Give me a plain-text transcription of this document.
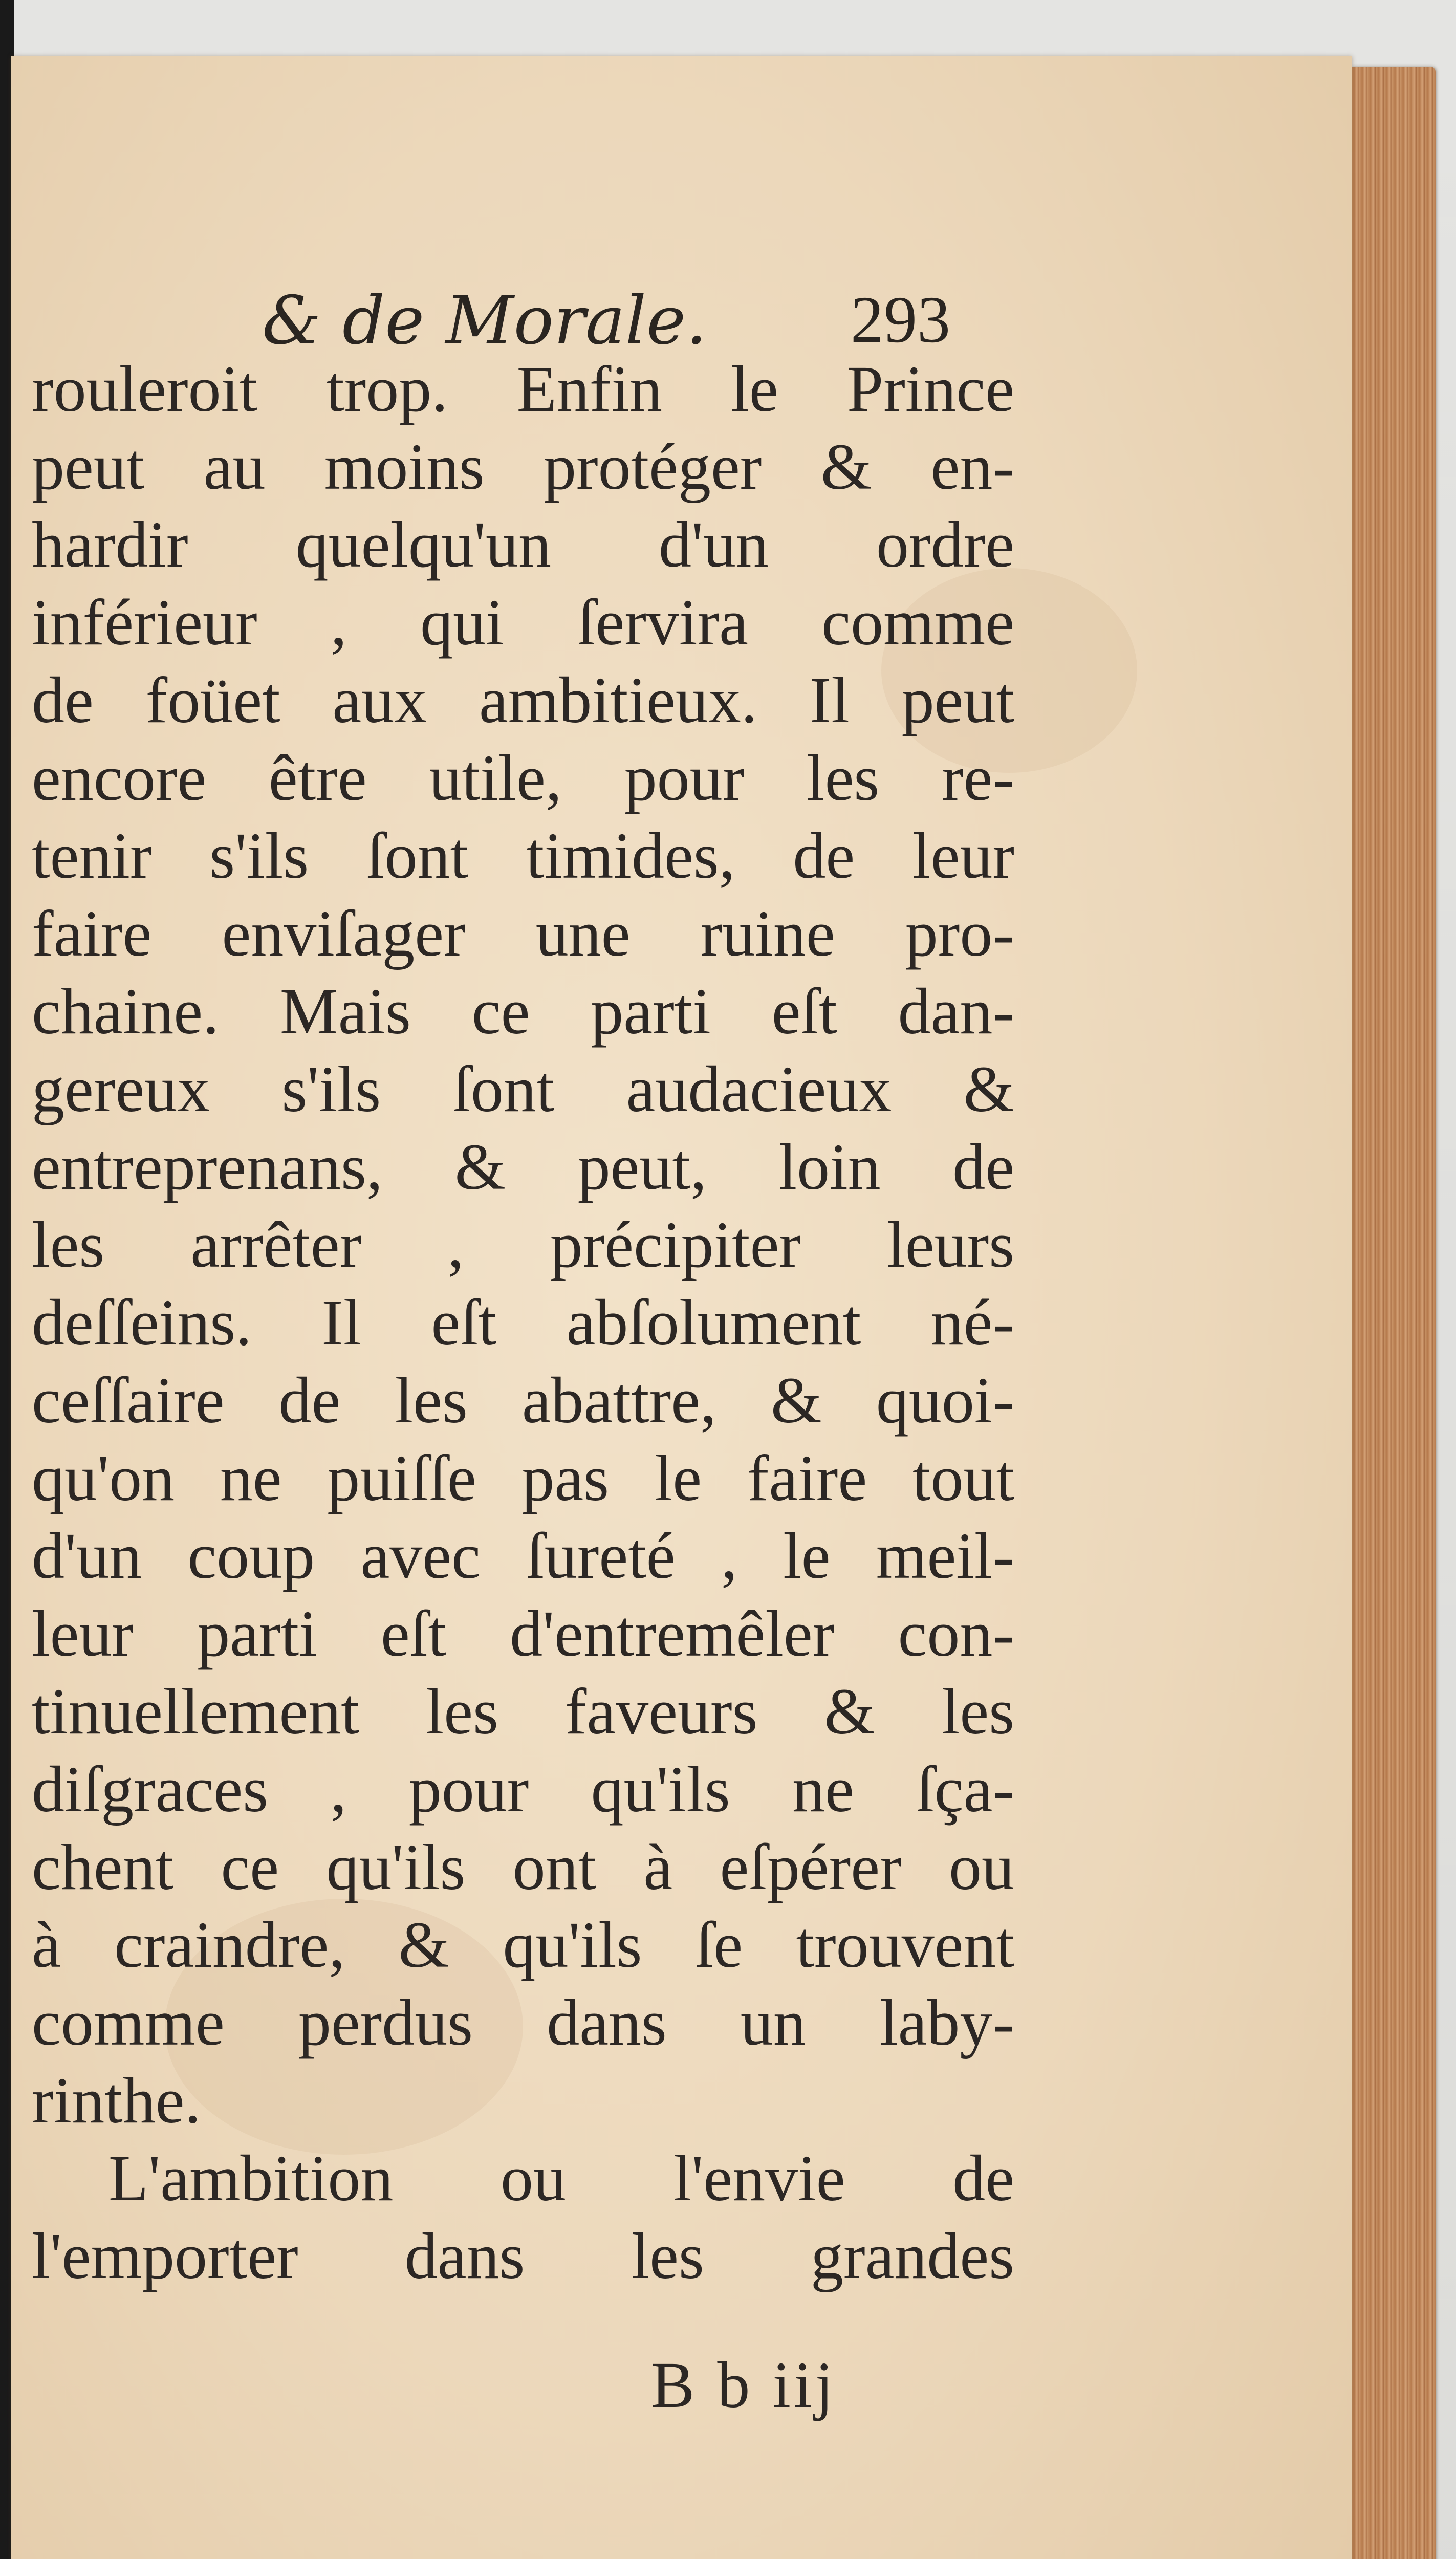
& de Morale. 293
rouleroit trop. Enfin le Prince
peut au moins protéger & en-
hardir quelqu'un d'un ordre
inférieur , qui ſervira comme
de foüet aux ambitieux. Il peut
encore être utile, pour les re-
tenir s'ils ſont timides, de leur
faire enviſager une ruine pro-
chaine. Mais ce parti eſt dan-
gereux s'ils ſont audacieux &
entreprenans, & peut, loin de
les arrêter , précipiter leurs
deſſeins. Il eſt abſolument né-
ceſſaire de les abattre, & quoi-
qu'on ne puiſſe pas le faire tout
d'un coup avec ſureté , le meil-
leur parti eſt d'entremêler con-
tinuellement les faveurs & les
diſgraces , pour qu'ils ne ſça-
chent ce qu'ils ont à eſpérer ou
à craindre, & qu'ils ſe trouvent
comme perdus dans un laby-
rinthe.
L'ambition ou l'envie de
l'emporter dans les grandes
B b iij
